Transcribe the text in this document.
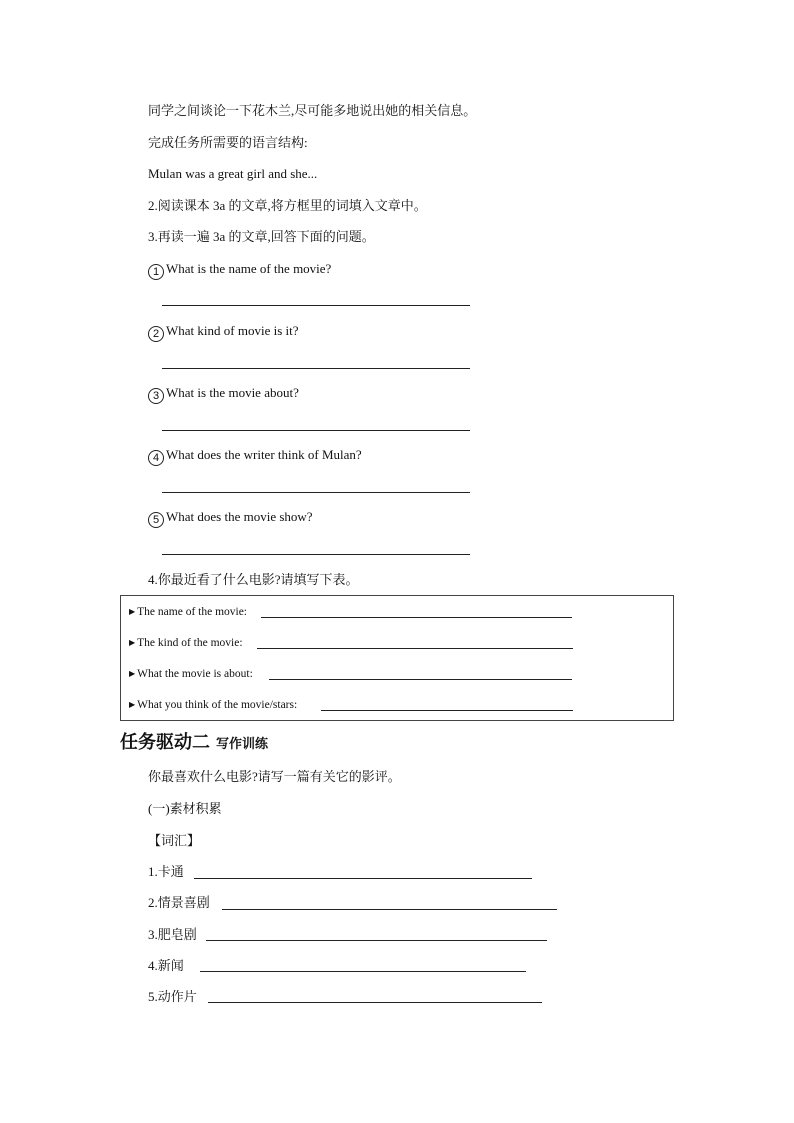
同学之间谈论一下花木兰,尽可能多地说出她的相关信息。
完成任务所需要的语言结构:
Mulan was a great girl and she...
2.阅读课本 3a 的文章,将方框里的词填入文章中。
3.再读一遍 3a 的文章,回答下面的问题。
1 What is the name of the movie?
2 What kind of movie is it?
3 What is the movie about?
4 What does the writer think of Mulan?
5 What does the movie show?
4.你最近看了什么电影?请填写下表。
▶ The name of the movie:
▶ The kind of the movie:
▶ What the movie is about:
▶ What you think of the movie/stars:
任务驱动二 写作训练
你最喜欢什么电影?请写一篇有关它的影评。
(一)素材积累
【词汇】
1.卡通
2.情景喜剧
3.肥皂剧
4.新闻
5.动作片
